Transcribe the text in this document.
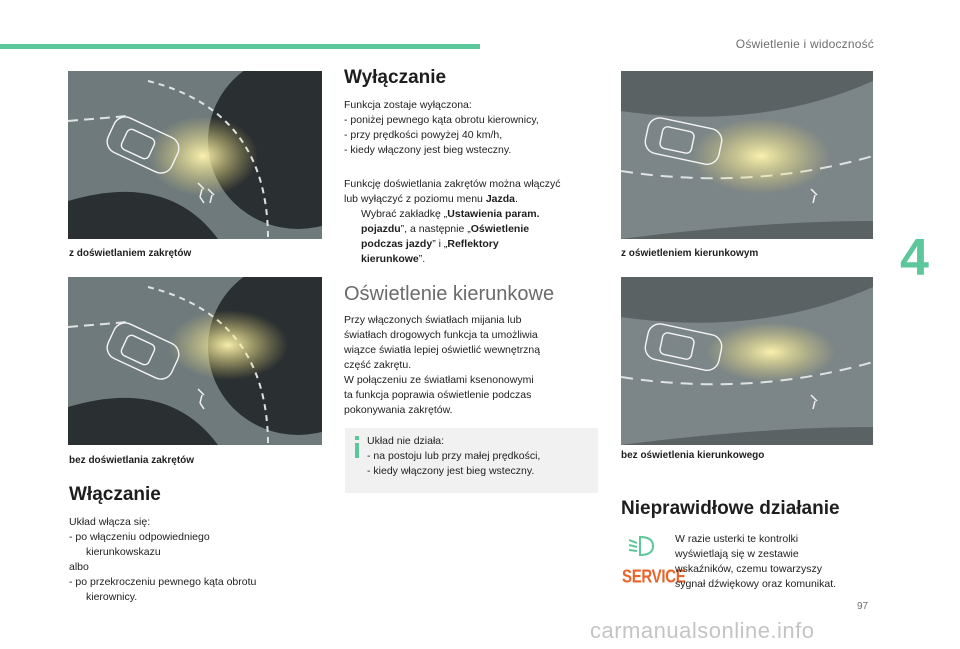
Oświetlenie i widoczność
4
z doświetlaniem zakrętów
bez doświetlania zakrętów
Włączanie
Układ włącza się:
- po włączeniu odpowiedniego
kierunkowskazu
albo
- po przekroczeniu pewnego kąta obrotu
kierownicy.
Wyłączanie
Funkcja zostaje wyłączona:
- poniżej pewnego kąta obrotu kierownicy,
- przy prędkości powyżej 40 km/h,
- kiedy włączony jest bieg wsteczny.
Funkcję doświetlania zakrętów można włączyć
lub wyłączyć z poziomu menu Jazda.
Wybrać zakładkę „Ustawienia param.
pojazdu”, a następnie „Oświetlenie
podczas jazdy” i „Reflektory
kierunkowe”.
Oświetlenie kierunkowe
Przy włączonych światłach mijania lub
światłach drogowych funkcja ta umożliwia
wiązce światła lepiej oświetlić wewnętrzną
część zakrętu.
W połączeniu ze światłami ksenonowymi
ta funkcja poprawia oświetlenie podczas
pokonywania zakrętów.
Układ nie działa:
- na postoju lub przy małej prędkości,
- kiedy włączony jest bieg wsteczny.
z oświetleniem kierunkowym
bez oświetlenia kierunkowego
Nieprawidłowe działanie
SERVICE
W razie usterki te kontrolki
wyświetlają się w zestawie
wskaźników, czemu towarzyszy
sygnał dźwiękowy oraz komunikat.
97
carmanualsonline.info
